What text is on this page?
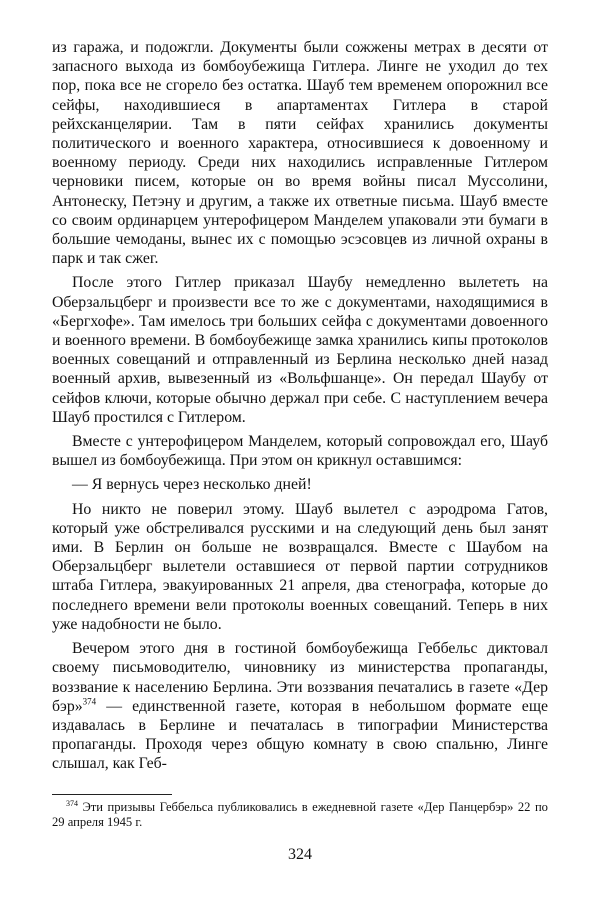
из гаража, и подожгли. Документы были сожжены метрах в десяти от запасного выхода из бомбоубежища Гитлера. Линге не уходил до тех пор, пока все не сгорело без остатка. Шауб тем временем опорожнил все сейфы, находившиеся в апартаментах Гитлера в старой рейхсканцелярии. Там в пяти сейфах хранились документы политического и военного характера, относившиеся к довоенному и военному периоду. Среди них находились исправленные Гитлером черновики писем, которые он во время войны писал Муссолини, Антонеску, Петэну и другим, а также их ответные письма. Шауб вместе со своим ординарцем унтерофицером Манделем упаковали эти бумаги в большие чемоданы, вынес их с помощью эсэсовцев из личной охраны в парк и так сжег.

После этого Гитлер приказал Шаубу немедленно вылететь на Оберзальцберг и произвести все то же с документами, находящимися в «Бергхофе». Там имелось три больших сейфа с документами довоенного и военного времени. В бомбоубежище замка хранились кипы протоколов военных совещаний и отправленный из Берлина несколько дней назад военный архив, вывезенный из «Вольфшанце». Он передал Шаубу от сейфов ключи, которые обычно держал при себе. С наступлением вечера Шауб простился с Гитлером.

Вместе с унтерофицером Манделем, который сопровождал его, Шауб вышел из бомбоубежища. При этом он крикнул оставшимся:

— Я вернусь через несколько дней!

Но никто не поверил этому. Шауб вылетел с аэродрома Гатов, который уже обстреливался русскими и на следующий день был занят ими. В Берлин он больше не возвращался. Вместе с Шаубом на Оберзальцберг вылетели оставшиеся от первой партии сотрудников штаба Гитлера, эвакуированных 21 апреля, два стенографа, которые до последнего времени вели протоколы военных совещаний. Теперь в них уже надобности не было.

Вечером этого дня в гостиной бомбоубежища Геббельс диктовал своему письмоводителю, чиновнику из министерства пропаганды, воззвание к населению Берлина. Эти воззвания печатались в газете «Дер бэр»$^{374}$ — единственной газете, которая в небольшом формате еще издавалась в Берлине и печаталась в типографии Министерства пропаганды. Проходя через общую комнату в свою спальню, Линге слышал, как Геб-

$^{374}$ Эти призывы Геббельса публиковались в ежедневной газете «Дер Панцербэр» 22 по 29 апреля 1945 г.
324
